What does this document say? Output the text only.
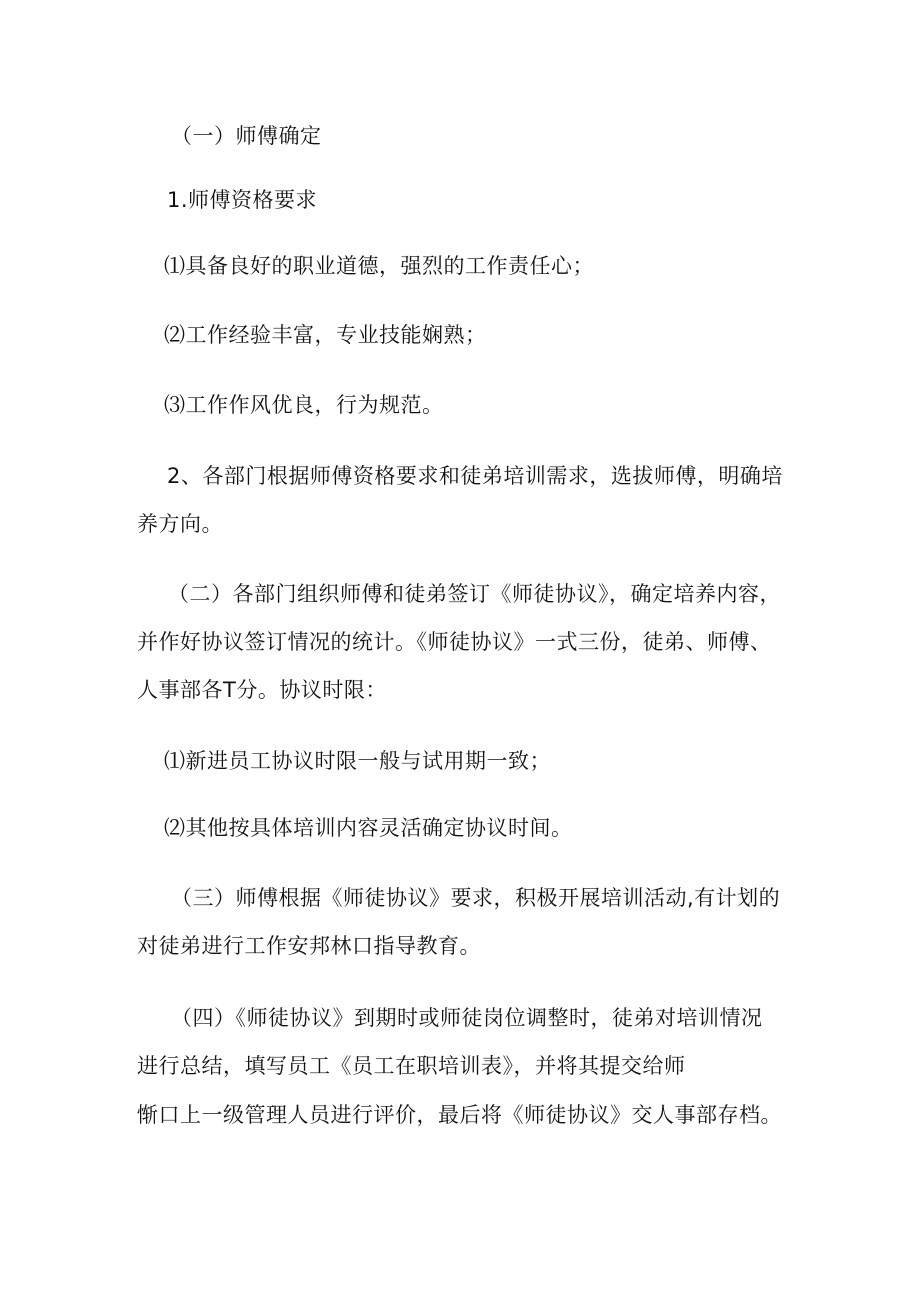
（一）师傅确定
1.师傅资格要求
⑴具备良好的职业道德，强烈的工作责任心；
⑵工作经验丰富，专业技能娴熟；
⑶工作作风优良，行为规范。
2、各部门根据师傅资格要求和徒弟培训需求，选拔师傅，明确培
养方向。
（二）各部门组织师傅和徒弟签订《师徒协议》，确定培养内容，
并作好协议签订情况的统计。《师徒协议》一式三份，徒弟、师傅、
人事部各T分。协议时限：
⑴新进员工协议时限一般与试用期一致；
⑵其他按具体培训内容灵活确定协议时间。
（三）师傅根据《师徒协议》要求，积极开展培训活动,有计划的
对徒弟进行工作安邦林口指导教育。
（四）《师徒协议》到期时或师徒岗位调整时，徒弟对培训情况
进行总结，填写员工《员工在职培训表》，并将其提交给师
惭口上一级管理人员进行评价，最后将《师徒协议》交人事部存档。
